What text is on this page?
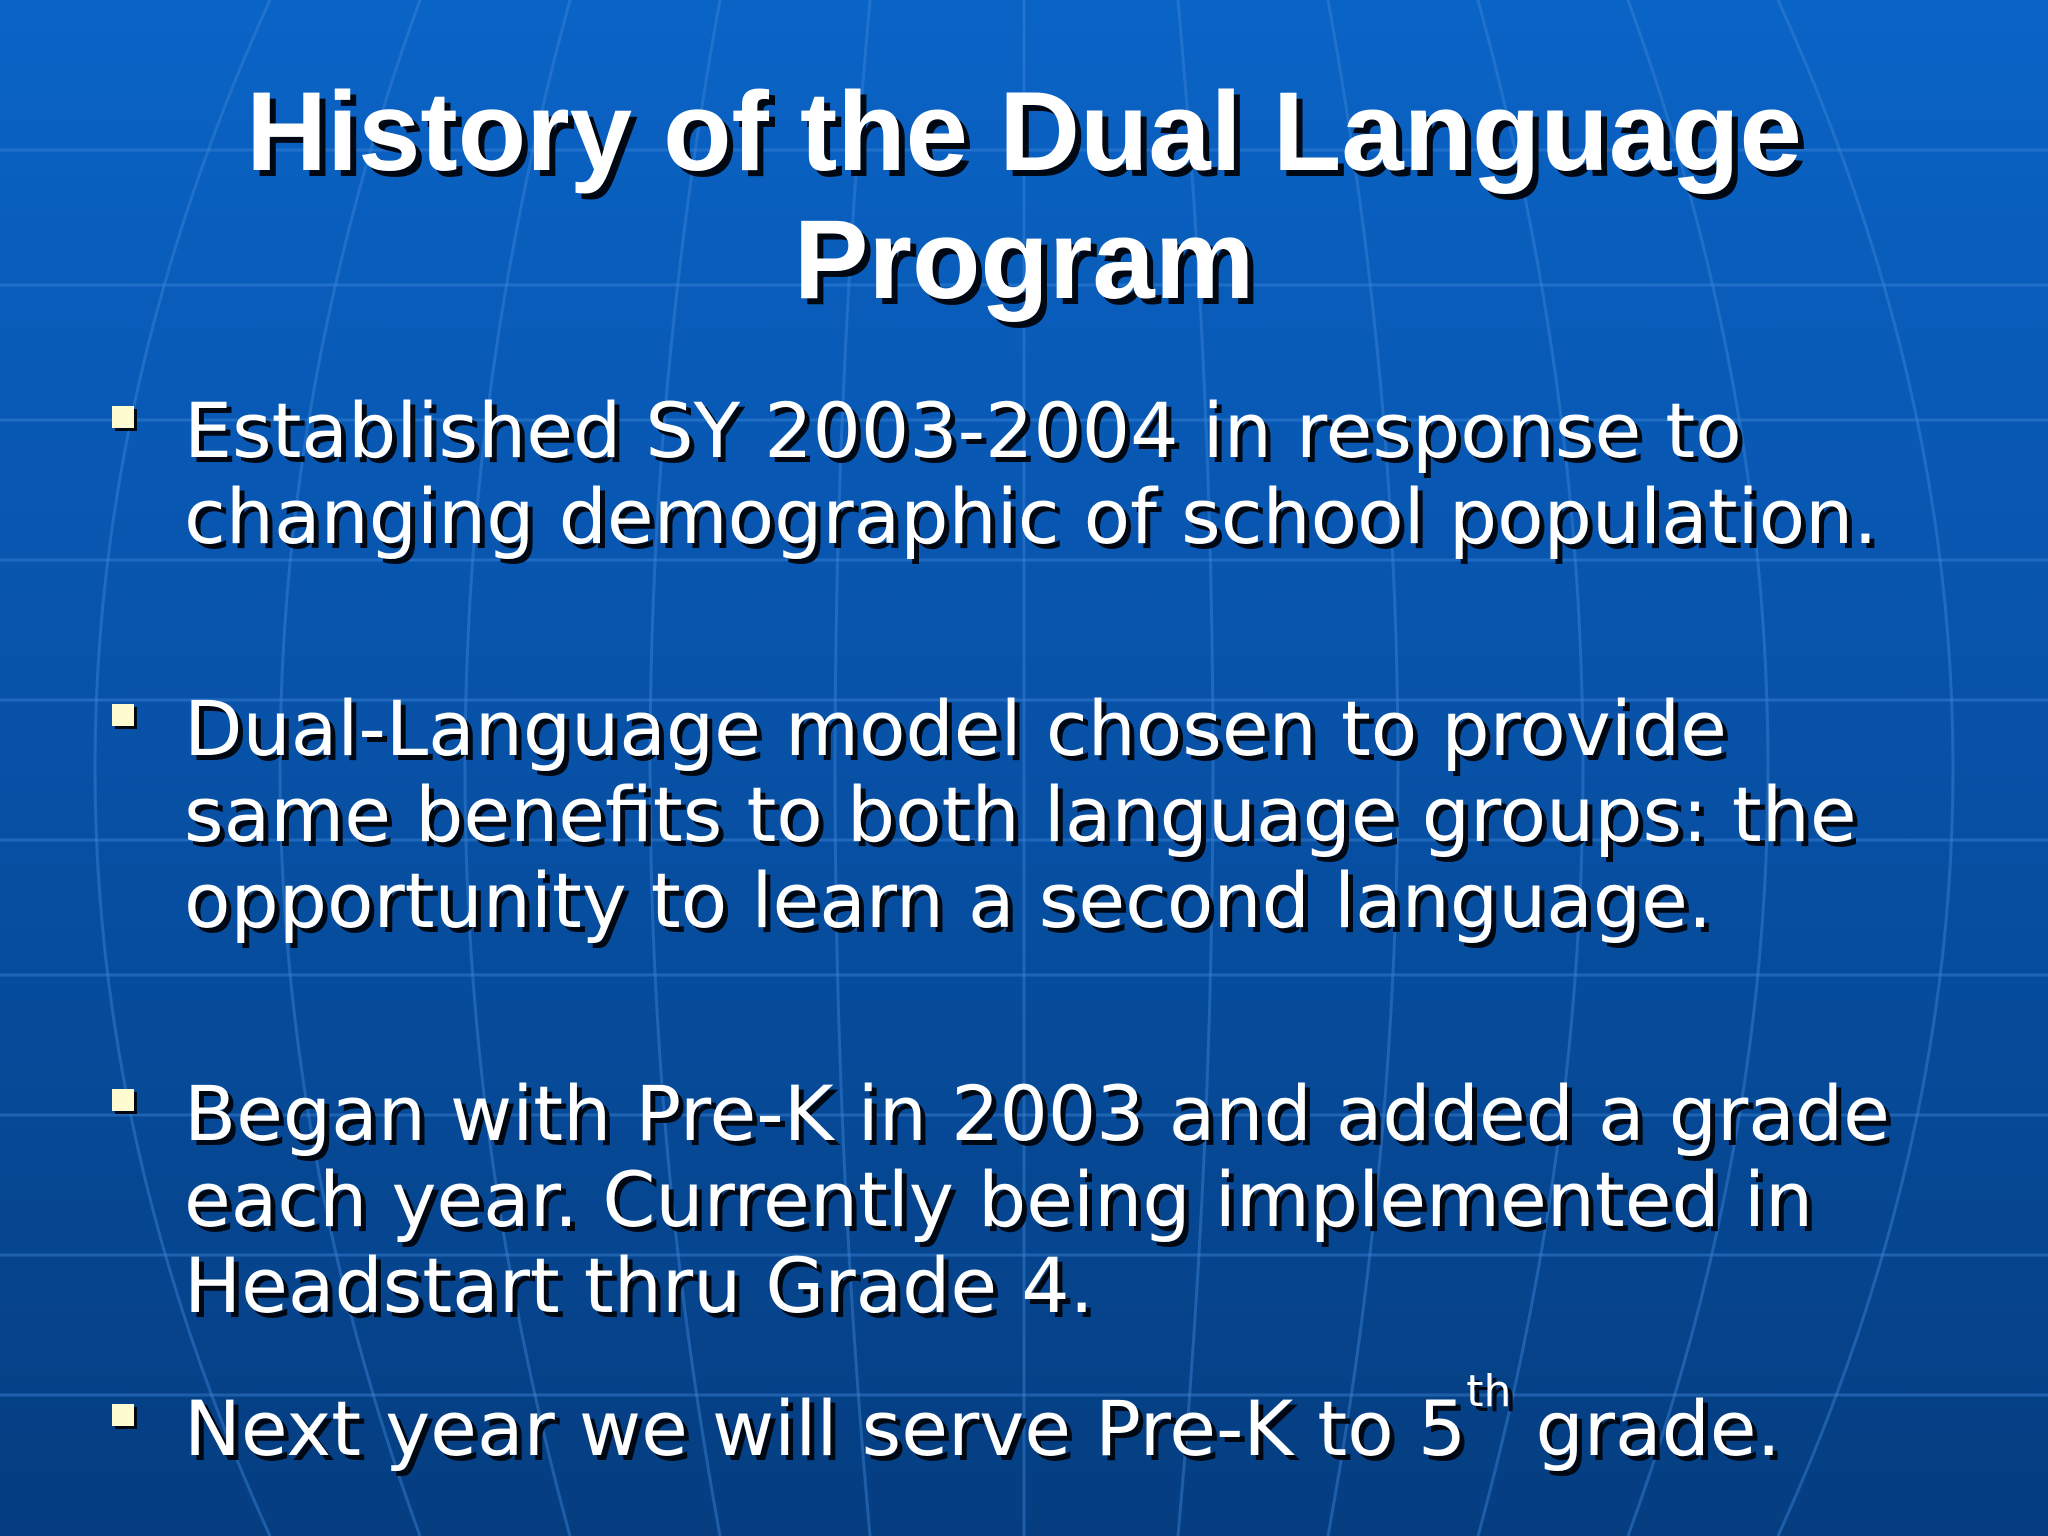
History of the Dual Language
Program
Established SY 2003-2004 in response to
changing demographic of school population.
Dual-Language model chosen to provide
same benefits to both language groups: the
opportunity to learn a second language.
Began with Pre-K in 2003 and added a grade
each year. Currently being implemented in
Headstart thru Grade 4.
Next year we will serve Pre-K to 5th grade.
